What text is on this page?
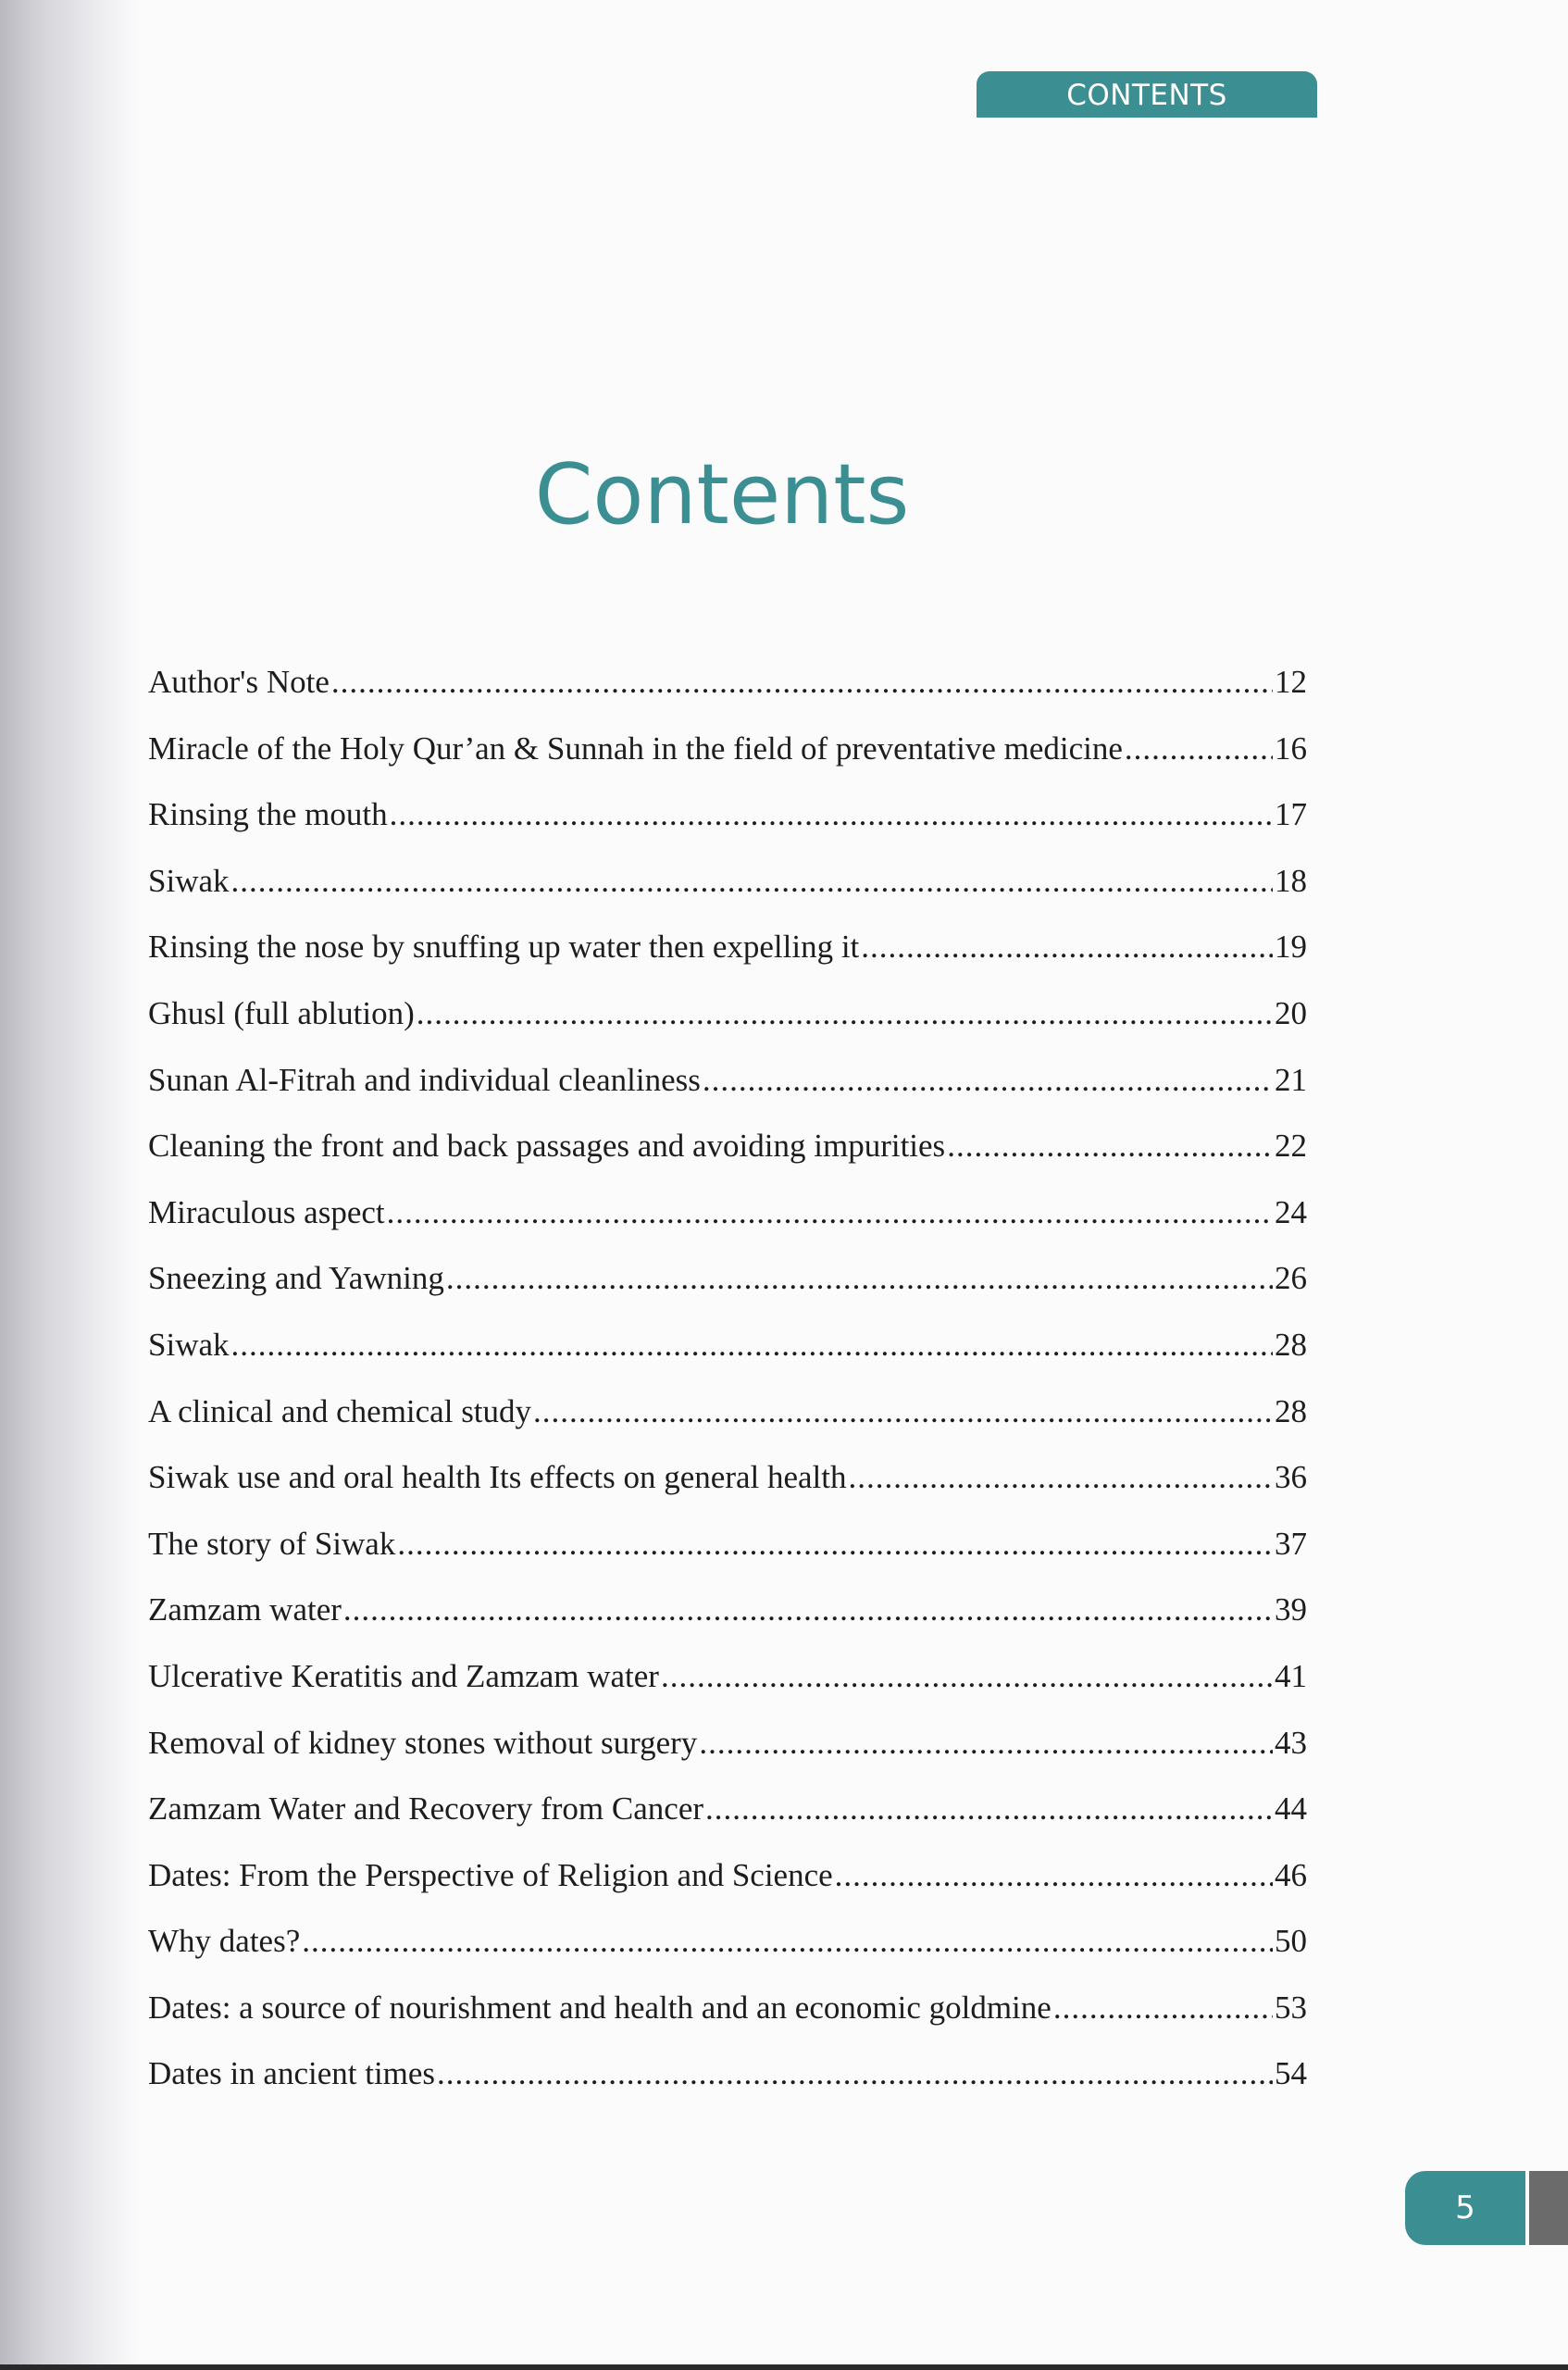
CONTENTS
Contents
Author's Note .....	12
Miracle of the Holy Qur’an & Sunnah in the field of preventative medicine .....	16
Rinsing the mouth .....	17
Siwak .....	18
Rinsing the nose by snuffing up water then expelling it .....	19
Ghusl (full ablution) .....	20
Sunan Al-Fitrah and individual cleanliness .....	21
Cleaning the front and back passages and avoiding impurities .....	22
Miraculous aspect .....	24
Sneezing and Yawning .....	26
Siwak .....	28
A clinical and chemical study .....	28
Siwak use and oral health Its effects on general health .....	36
The story of Siwak .....	37
Zamzam water .....	39
Ulcerative Keratitis and Zamzam water .....	41
Removal of kidney stones without surgery .....	43
Zamzam Water and Recovery from Cancer .....	44
Dates: From the Perspective of Religion and Science .....	46
Why dates? .....	50
Dates: a source of nourishment and health and an economic goldmine .....	53
Dates in ancient times .....	54
5
